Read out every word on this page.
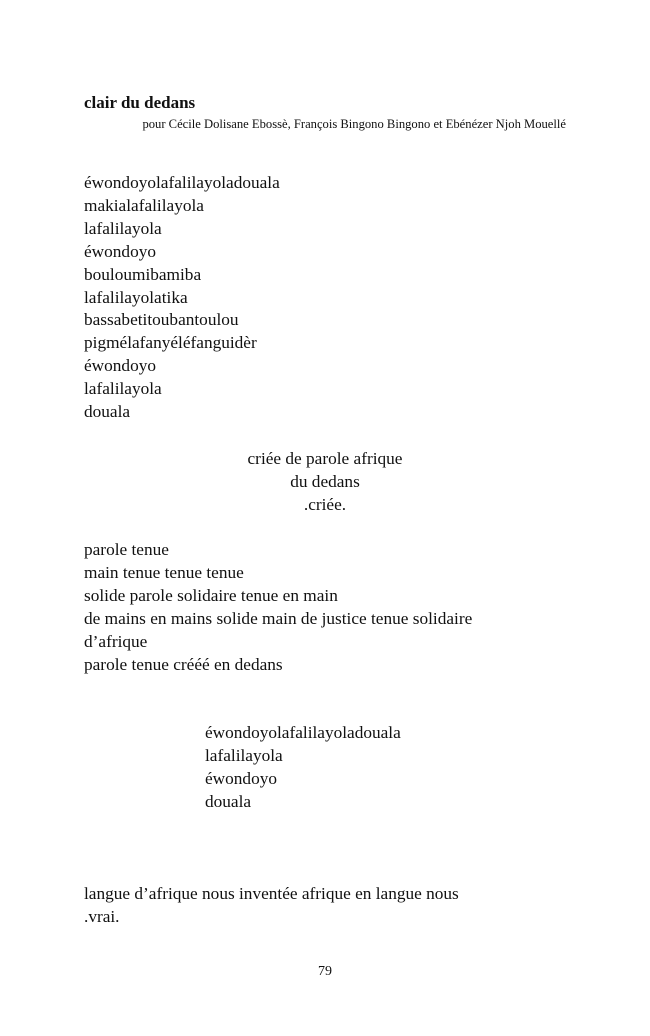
clair du dedans
pour Cécile Dolisane Ebossè, François Bingono Bingono et Ebénézer Njoh Mouellé
éwondoyolafalilayoladouala
makialafalilayola
lafalilayola
éwondoyo
bouloumibamiba
lafalilayolatika
bassabetitoubantoulou
pigmélafanyéléfanguidèr
éwondoyo
lafalilayola
douala
criée de parole afrique
du dedans
.criée.
parole tenue
main tenue tenue tenue
solide parole solidaire tenue en main
de mains en mains solide main de justice tenue solidaire
d’afrique
parole tenue crééé en dedans
éwondoyolafalilayoladouala
lafalilayola
éwondoyo
douala
langue d’afrique nous inventée afrique en langue nous
.vrai.
79
